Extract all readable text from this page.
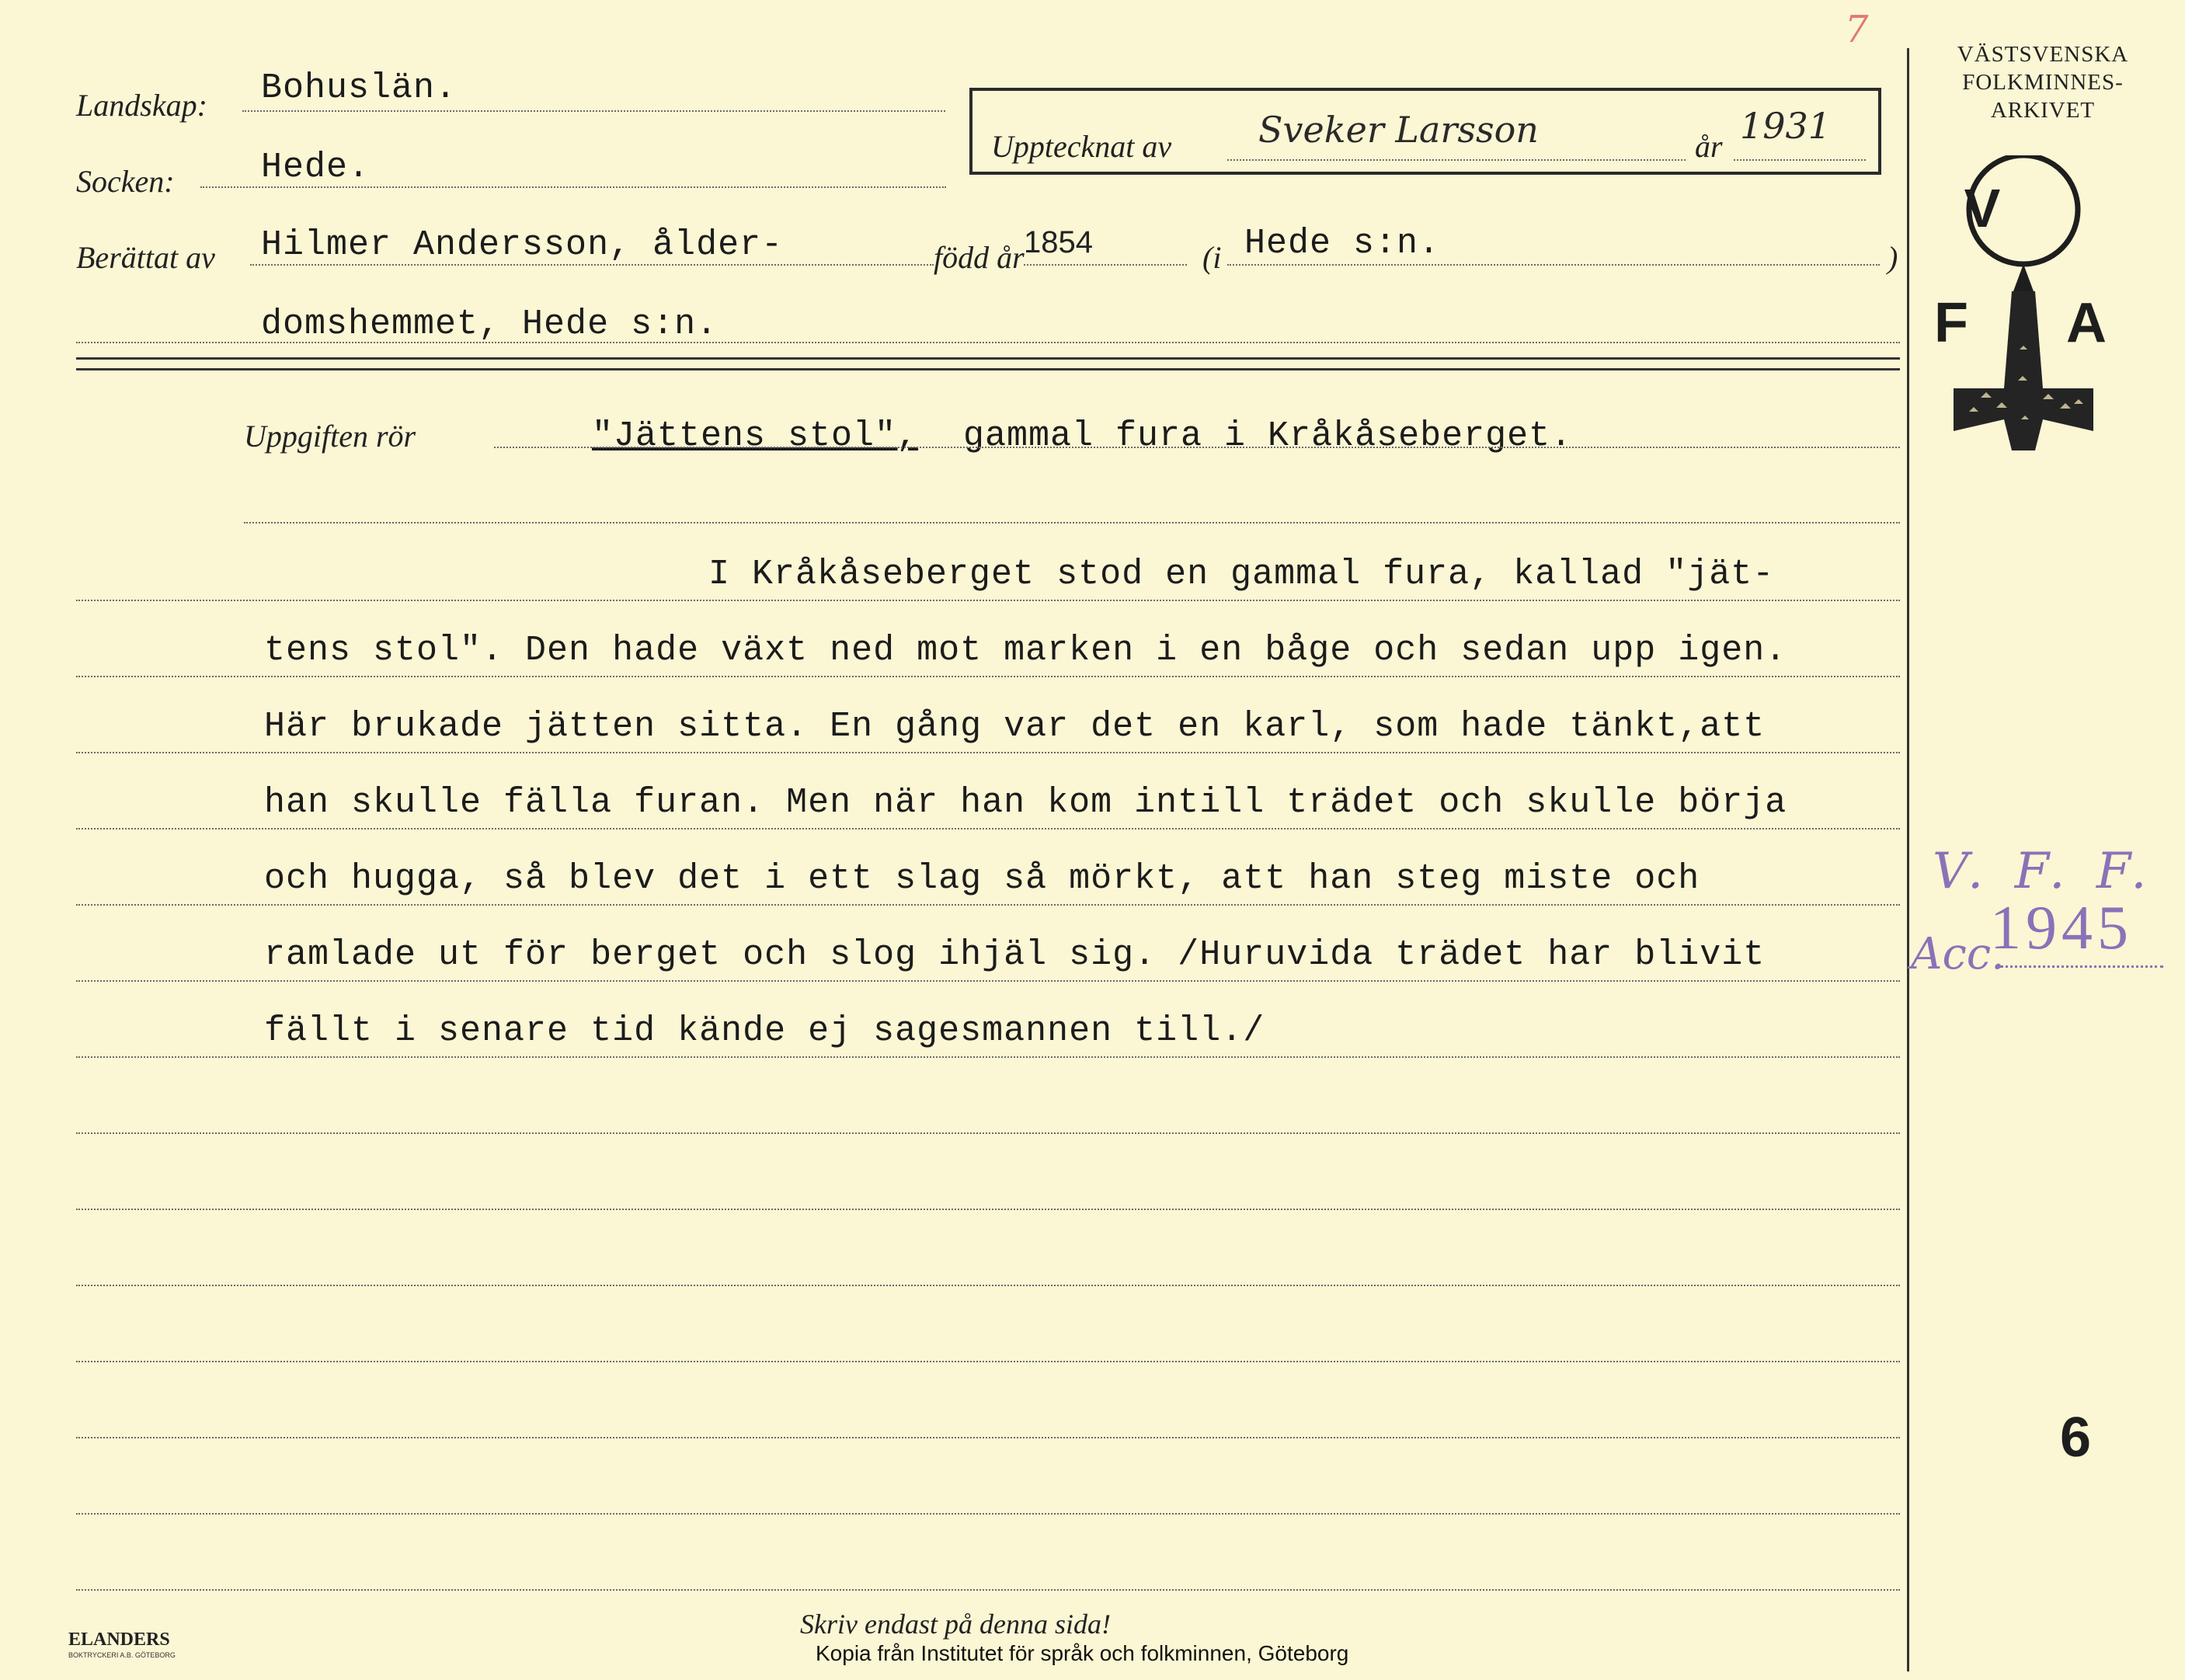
7
VÄSTSVENSKA
FOLKMINNES-
ARKIVET
V
F A
Landskap: Bohuslän.
Socken: Hede.
Upptecknat av Sveker Larsson	år 1931
Berättat av Hilmer Andersson, ålder-	född år 1854	(i Hede s:n.	)
domshemmet, Hede s:n.
Uppgiften rör	"Jättens stol", gammal fura i Kråkåseberget.
I Kråkåseberget stod en gammal fura, kallad "jät-
tens stol". Den hade växt ned mot marken i en båge och sedan upp igen.
Här brukade jätten sitta. En gång var det en karl, som hade tänkt,att
han skulle fälla furan. Men när han kom intill trädet och skulle börja
och hugga, så blev det i ett slag så mörkt, att han steg miste och
ramlade ut för berget och slog ihjäl sig. /Huruvida trädet har blivit
fällt i senare tid kände ej sagesmannen till./
V. F. F.
Acc.
1945
6
ELANDERS
BOKTRYCKERI A.B. GÖTEBORG
Skriv endast på denna sida!
Kopia från Institutet för språk och folkminnen, Göteborg
